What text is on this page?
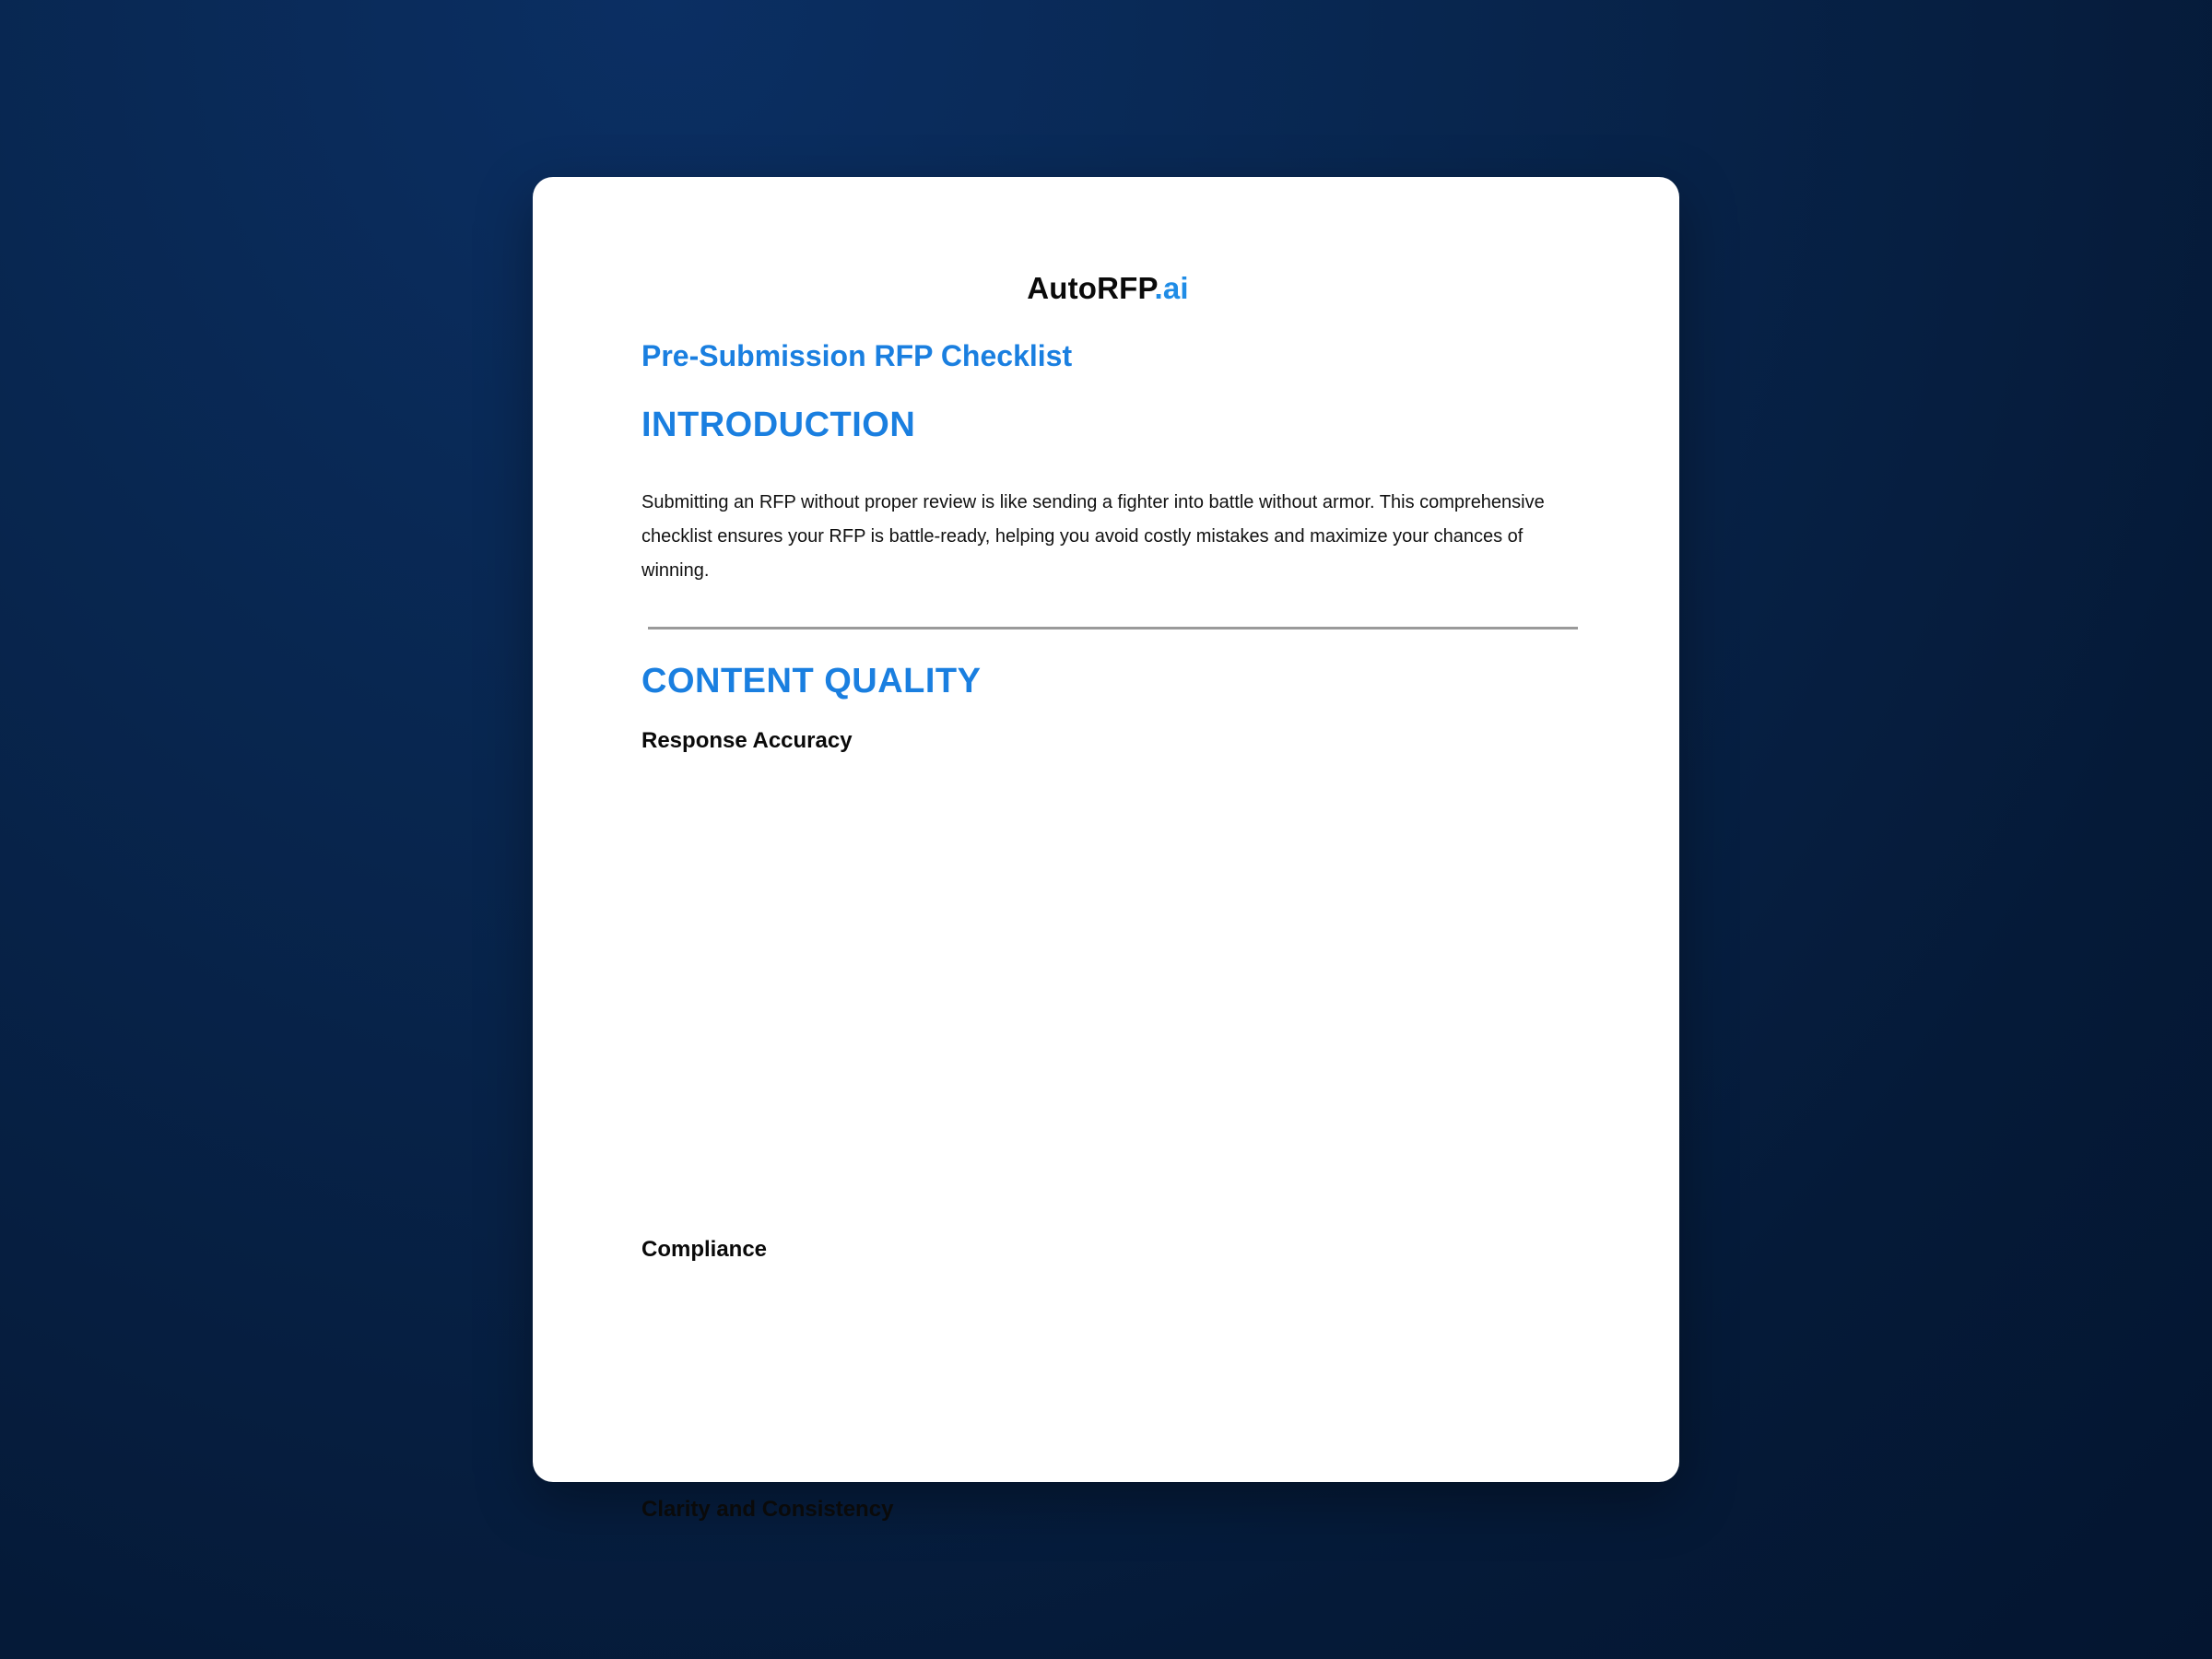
AutoRFP.ai
Pre-Submission RFP Checklist
INTRODUCTION

Submitting an RFP without proper review is like sending a fighter into battle without armor. This comprehensive checklist ensures your RFP is battle-ready, helping you avoid costly mistakes and maximize your chances of winning.

CONTENT QUALITY
Response Accuracy
Compliance
Clarity and Consistency
